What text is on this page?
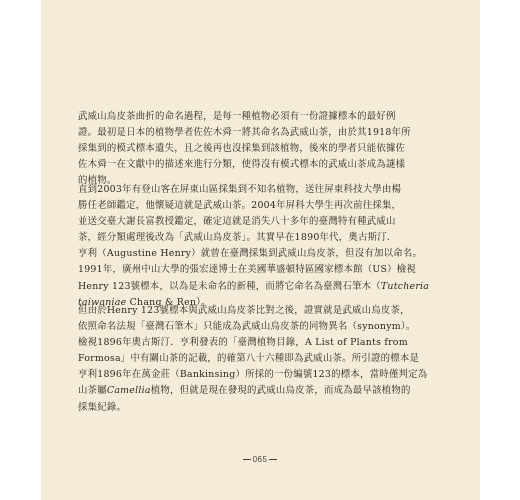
武威山烏皮茶曲折的命名過程，是每一種植物必須有一份證據標本的最好例
證。最初是日本的植物學者佐佐木舜一將其命名為武威山茶，由於其1918年所
採集到的模式標本遺失，且之後再也沒採集到該植物，後來的學者只能依據佐
佐木舜一在文獻中的描述來進行分類，使得沒有模式標本的武威山茶成為謎樣
的植物。
直到2003年有登山客在屏東山區採集到不知名植物，送往屏東科技大學由楊
勝任老師鑑定，他懷疑這就是武威山茶。2004年屏科大學生再次前往採集，
並送交臺大謝長富教授鑑定，確定這就是消失八十多年的臺灣特有種武威山
茶，經分類處理後改為「武威山烏皮茶」。其實早在1890年代，奧古斯汀．
亨利（Augustine Henry）就曾在臺灣採集到武威山烏皮茶，但沒有加以命名。
1991年，廣州中山大學的張宏達博士在美國華盛頓特區國家標本館（US）檢視
Henry 123號標本，以為是未命名的新種，而將它命名為臺灣石筆木（Tutcheria
taiwaniae Chang & Ren）。
但由於Henry 123號標本與武威山烏皮茶比對之後，證實就是武威山烏皮茶，
依照命名法規「臺灣石筆木」只能成為武威山烏皮茶的同物異名（synonym）。
檢視1896年奧古斯汀．亨利發表的「臺灣植物目錄，A List of Plants from
Formosa」中有關山茶的記載，的確第八十六種即為武威山茶。所引證的標本是
亨利1896年在萬金莊（Bankinsing）所採的一份編號123的標本，當時僅判定為
山茶屬Camellia植物，但就是現在發現的武威山烏皮茶，而成為最早該植物的
採集紀錄。
065
